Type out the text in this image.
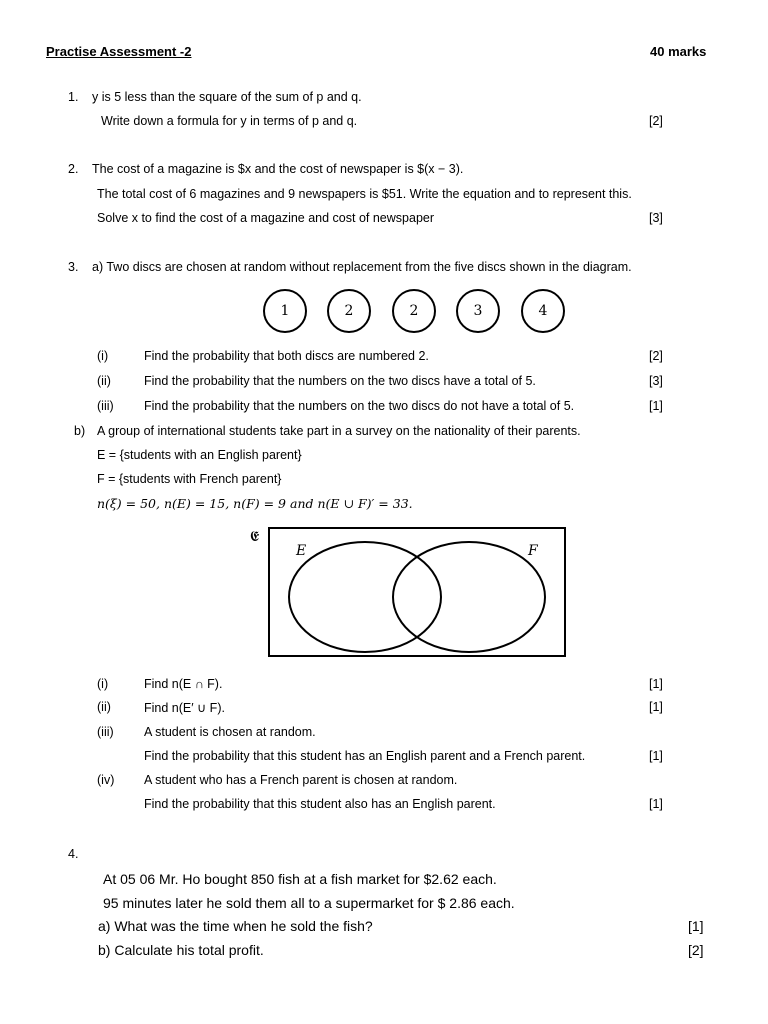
Practise Assessment -2	40 marks
1. y is 5 less than the square of the sum of p and q.
Write down a formula for y in terms of p and q.	[2]
2. The cost of a magazine is $x and the cost of newspaper is $(x − 3).
The total cost of 6 magazines and 9 newspapers is $51. Write the equation and to represent this.
Solve x to find the cost of a magazine and cost of newspaper	[3]
3. a) Two discs are chosen at random without replacement from the five discs shown in the diagram.
1	2	2	3	4
(i)	Find the probability that both discs are numbered 2.	[2]
(ii)	Find the probability that the numbers on the two discs have a total of 5.	[3]
(iii) Find the probability that the numbers on the two discs do not have a total of 5.	[1]
b) A group of international students take part in a survey on the nationality of their parents.
E = {students with an English parent}
F = {students with French parent}
n(ξ) = 50, n(E) = 15, n(F) = 9 and n(E ∪ F)′ = 33.
𝕰
E	F
(i)	Find n(E ∩ F).	[1]
(ii)	Find n(E′ ∪ F).	[1]
(iii) A student is chosen at random.
Find the probability that this student has an English parent and a French parent.	[1]
(iv) A student who has a French parent is chosen at random.
Find the probability that this student also has an English parent.	[1]
4.
At 05 06 Mr. Ho bought 850 fish at a fish market for $2.62 each.
95 minutes later he sold them all to a supermarket for $ 2.86 each.
a) What was the time when he sold the fish?	[1]
b) Calculate his total profit.	[2]
